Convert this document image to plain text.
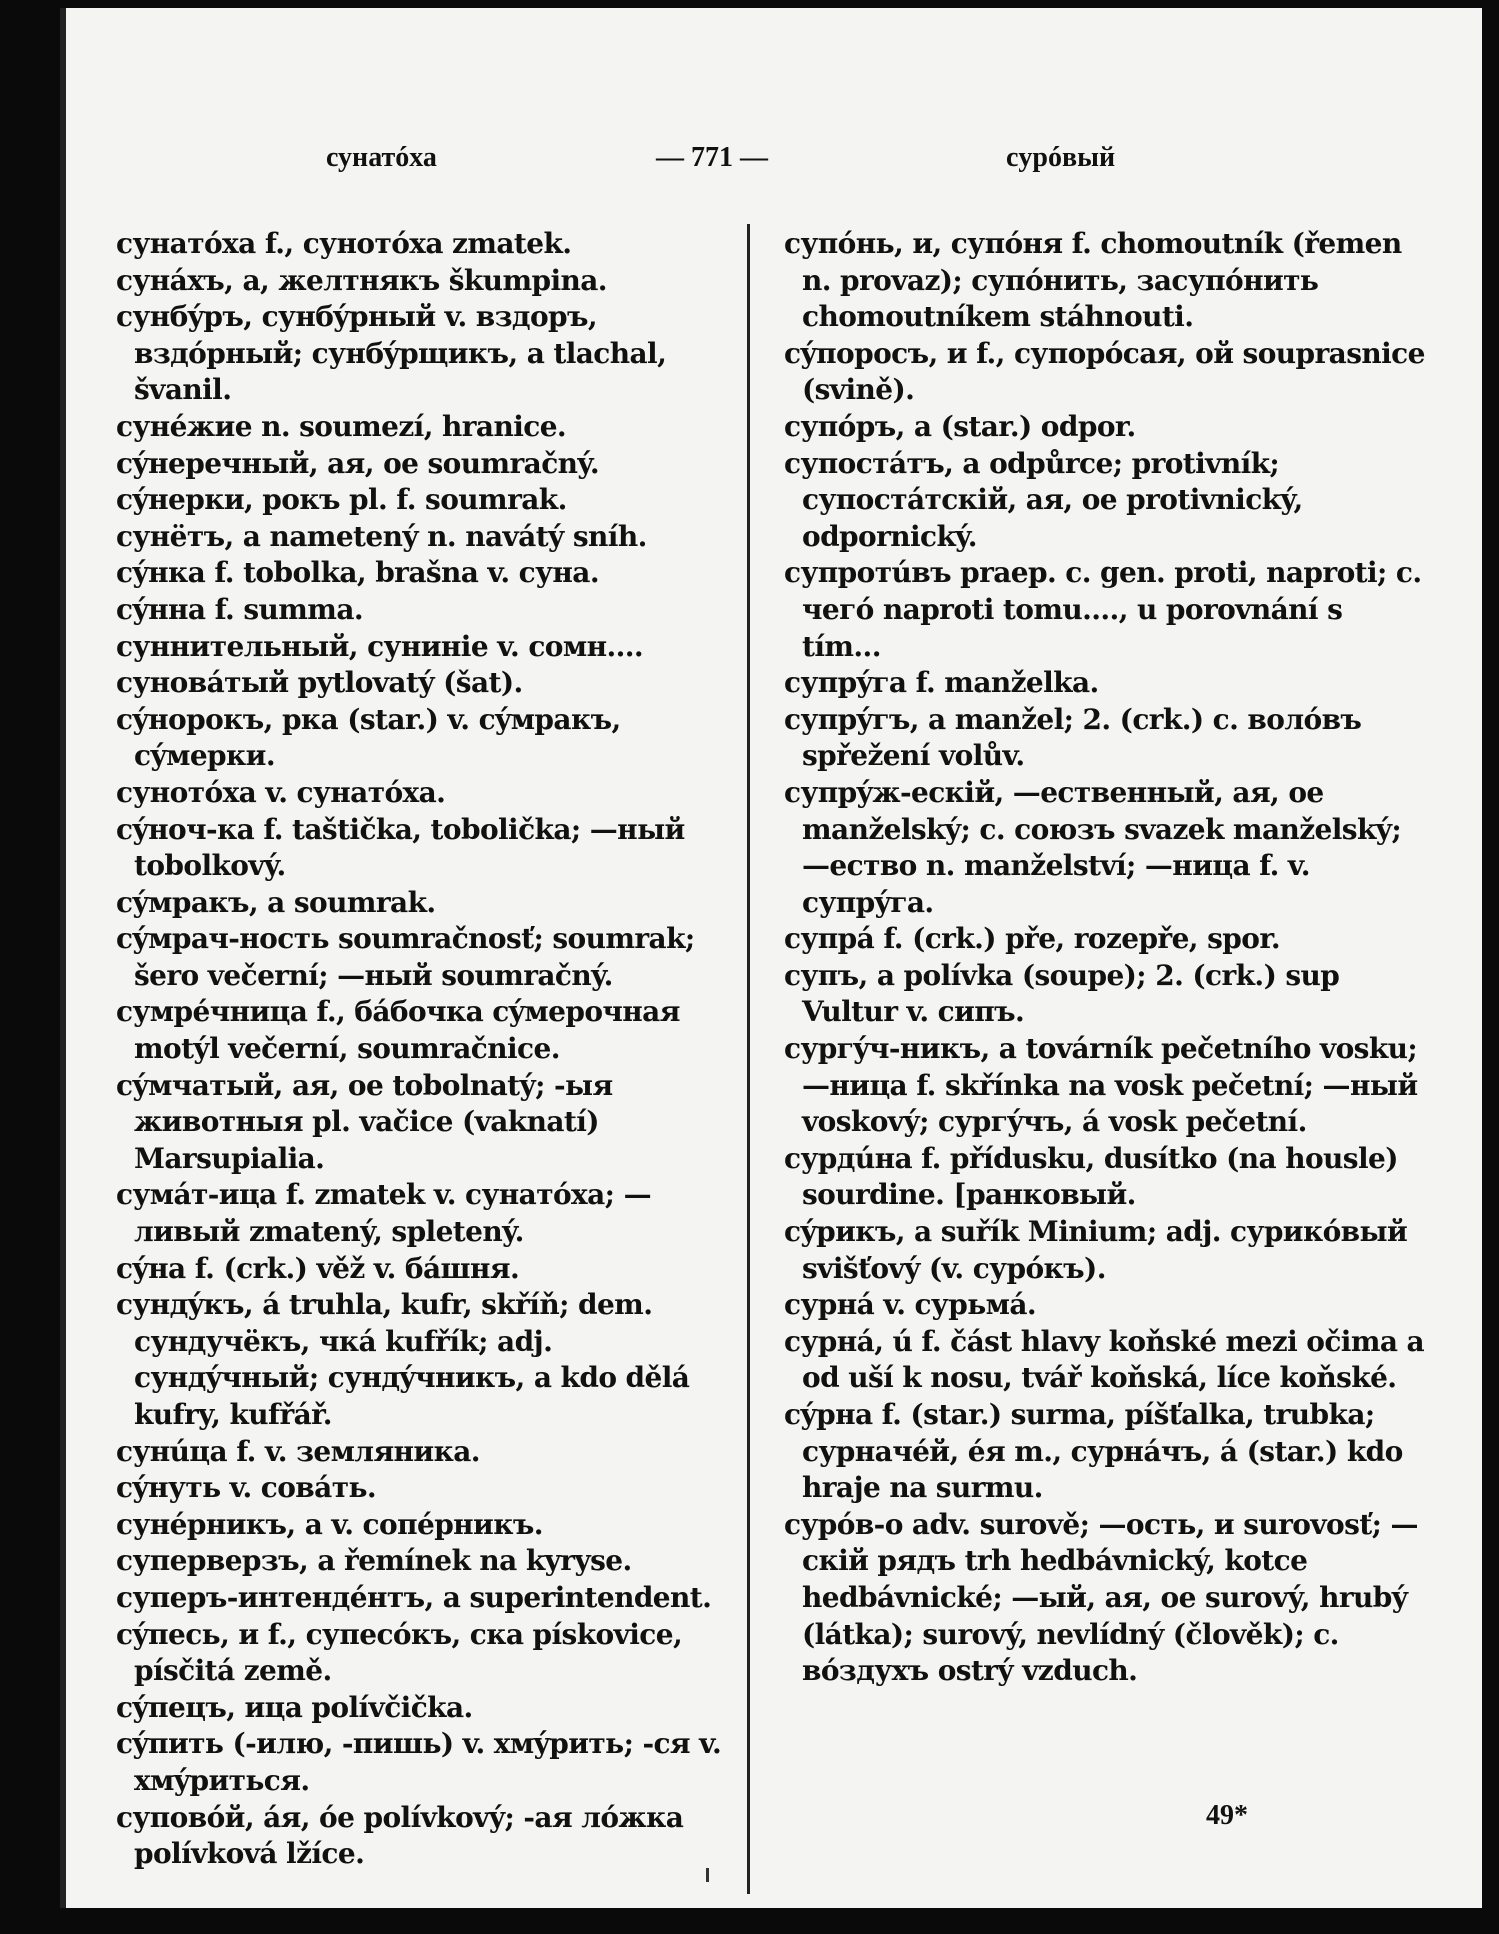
сунатóха	— 771 —	cурóвый
сунатóха f., сунотóха zmatek.
сунáхъ, а, желтнякъ škumpina.
сунбýръ, сунбýрный v. вздоръ, вздóрный; сунбýрщикъ, a tlachal, švanil.
сунéжие n. soumezí, hranice.
сýнеречный, ая, ое soumračný.
сýнерки, рокъ pl. f. soumrak.
сунётъ, а nametený n. navátý sníh.
сýнка f. tobolka, brašna v. суна.
сýнна f. summa.
суннительный, сунинie v. сомн....
суновáтый pytlovatý (šat).
сýнорокъ, рка (star.) v. сýмракъ, сýмерки.
сунотóха v. сунатóха.
сýноч-ка f. taštička, tobolička; —ный tobolkový.
сýмракъ, а soumrak.
сýмрач-ность soumračnosť; soumrak; šero večerní; —ный soumračný.
сумрéчница f., бáбочка сýмерочная motýl večerní, soumračnice.
сýмчатый, ая, ое tobolnatý; -ыя животныя pl. vačice (vaknatí) Marsupialia.
сумáт-ица f. zmatek v. сунатóха; —ливый zmatený, spletený.
сýна f. (crk.) věž v. бáшня.
сундýкъ, á truhla, kufr, skříň; dem. сундучёкъ, чкá kufřík; adj. сундýчный; сундýчникъ, a kdo dělá kufry, kufřář.
сунúца f. v. земляника.
сýнуть v. совáть.
сунéрникъ, а v. сопéрникъ.
суперверзъ, a řemínek na kyryse.
суперъ-интендéнтъ, a superintendent.
сýпесь, и f., супесóкъ, ска pískovice, písčitá země.
сýпецъ, ица polívčička.
сýпить (-илю, -пишь) v. хмýрить; -ся v. хмýриться.
суповóй, áя, óе polívkový; -ая лóжка polívková lžíce.
супóнь, и, супóня f. chomoutník (řemen n. provaz); супóнить, засупóнить chomoutníkem stáhnouti.
сýпоросъ, и f., супорóсая, ой souprasnice (svině).
супóръ, а (star.) odpor.
супостáтъ, a odpůrce; protivník; супостáтскій, ая, ое protivnický, odpornický.
супротúвъ praep. c. gen. proti, naproti; c. чегó naproti tomu...., u porovnání s tím...
супрýга f. manželka.
супрýгъ, a manžel; 2. (crk.) c. волóвъ spřežení volův.
супрýж-ескій, —ественный, ая, ое manželský; c. союзъ svazek manželský; —ество n. manželství; —ница f. v. супрýга.
супрá f. (crk.) pře, rozepře, spor.
супъ, a polívka (soupe); 2. (crk.) sup Vultur v. сипъ.
сургýч-никъ, a továrník pečetního vosku; —ница f. skřínka na vosk pečetní; —ный voskový; сургýчъ, á vosk pečetní.
сурдúна f. přídusku, dusítko (na housle) sourdine. [ранковый.
сýрикъ, a suřík Minium; adj. сурикóвый svišťový (v. сурóкъ).
сурнá v. сурьмá.
сурнá, ú f. část hlavy koňské mezi očima a od uší k nosu, tvář koňská, líce koňské.
сýрна f. (star.) surma, píšťalka, trubka; сурначéй, éя m., сурнáчъ, á (star.) kdo hraje na surmu.
сурóв-о adv. surově; —ость, и surovosť; — скій рядъ trh hedbávnický, kotce hedbávnické; —ый, ая, ое surový, hrubý (látka); surový, nevlídný (člověk); c. вóздухъ ostrý vzduch.
49*
